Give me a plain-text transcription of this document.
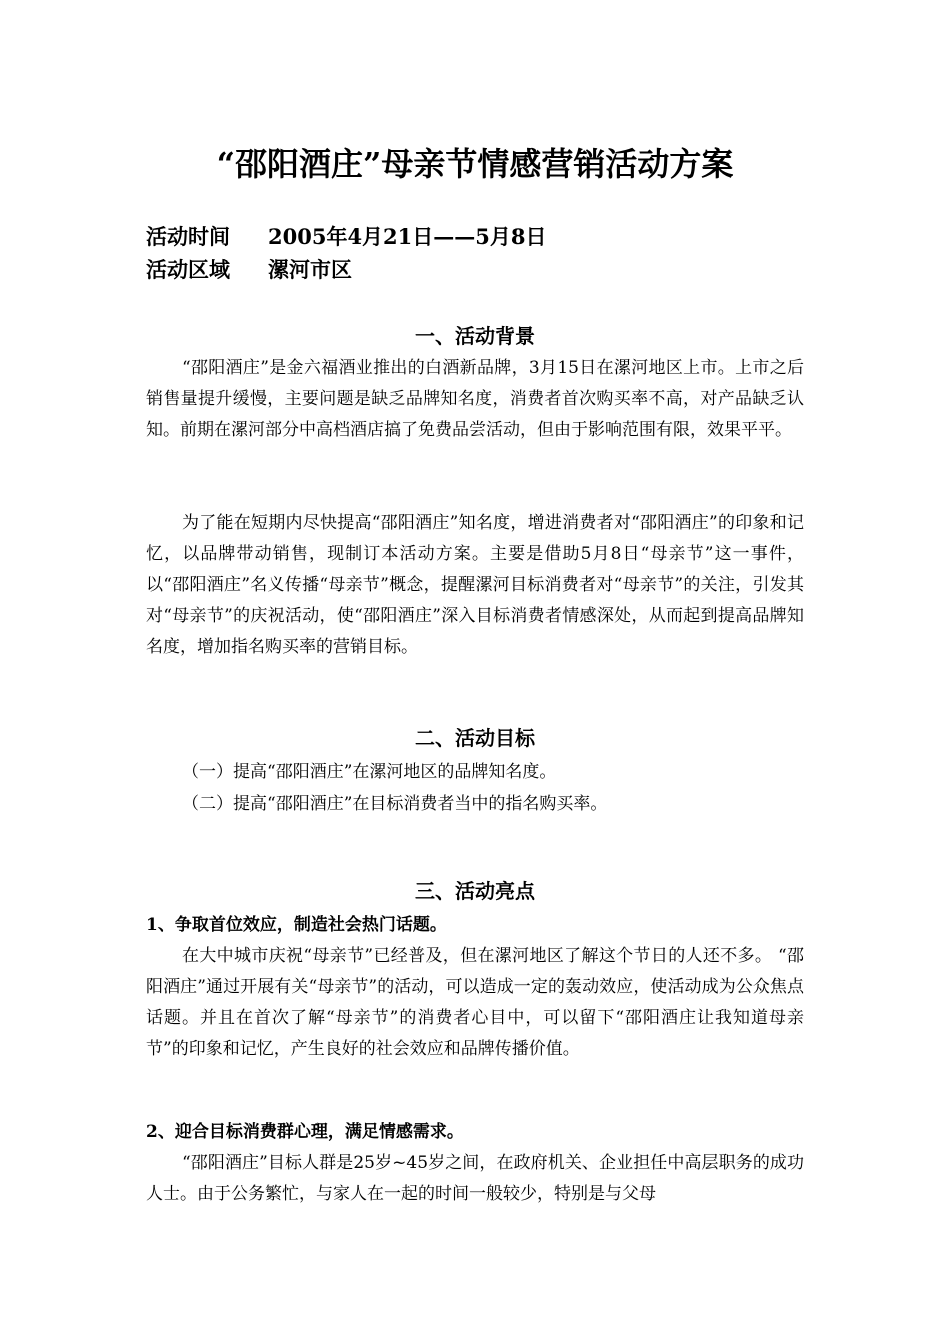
“邵阳酒庄”母亲节情感营销活动方案
活动时间 2005年4月21日——5月8日
活动区域 漯河市区
一、活动背景

“邵阳酒庄”是金六福酒业推出的白酒新品牌，3月15日在漯河地区上市。上市之后销售量提升缓慢，主要问题是缺乏品牌知名度，消费者首次购买率不高，对产品缺乏认知。前期在漯河部分中高档酒店搞了免费品尝活动，但由于影响范围有限，效果平平。

为了能在短期内尽快提高“邵阳酒庄”知名度，增进消费者对“邵阳酒庄”的印象和记忆，以品牌带动销售，现制订本活动方案。主要是借助5月8日“母亲节”这一事件，以“邵阳酒庄”名义传播“母亲节”概念，提醒漯河目标消费者对“母亲节”的关注，引发其对“母亲节”的庆祝活动，使“邵阳酒庄”深入目标消费者情感深处，从而起到提高品牌知名度，增加指名购买率的营销目标。

二、活动目标
（一）提高“邵阳酒庄”在漯河地区的品牌知名度。
（二）提高“邵阳酒庄”在目标消费者当中的指名购买率。
三、活动亮点
1、争取首位效应，制造社会热门话题。

在大中城市庆祝“母亲节”已经普及，但在漯河地区了解这个节日的人还不多。 “邵阳酒庄”通过开展有关“母亲节”的活动，可以造成一定的轰动效应，使活动成为公众焦点话题。并且在首次了解“母亲节”的消费者心目中，可以留下“邵阳酒庄让我知道母亲节”的印象和记忆，产生良好的社会效应和品牌传播价值。

2、迎合目标消费群心理，满足情感需求。

“邵阳酒庄”目标人群是25岁~45岁之间，在政府机关、企业担任中高层职务的成功人士。由于公务繁忙，与家人在一起的时间一般较少，特别是与父母
